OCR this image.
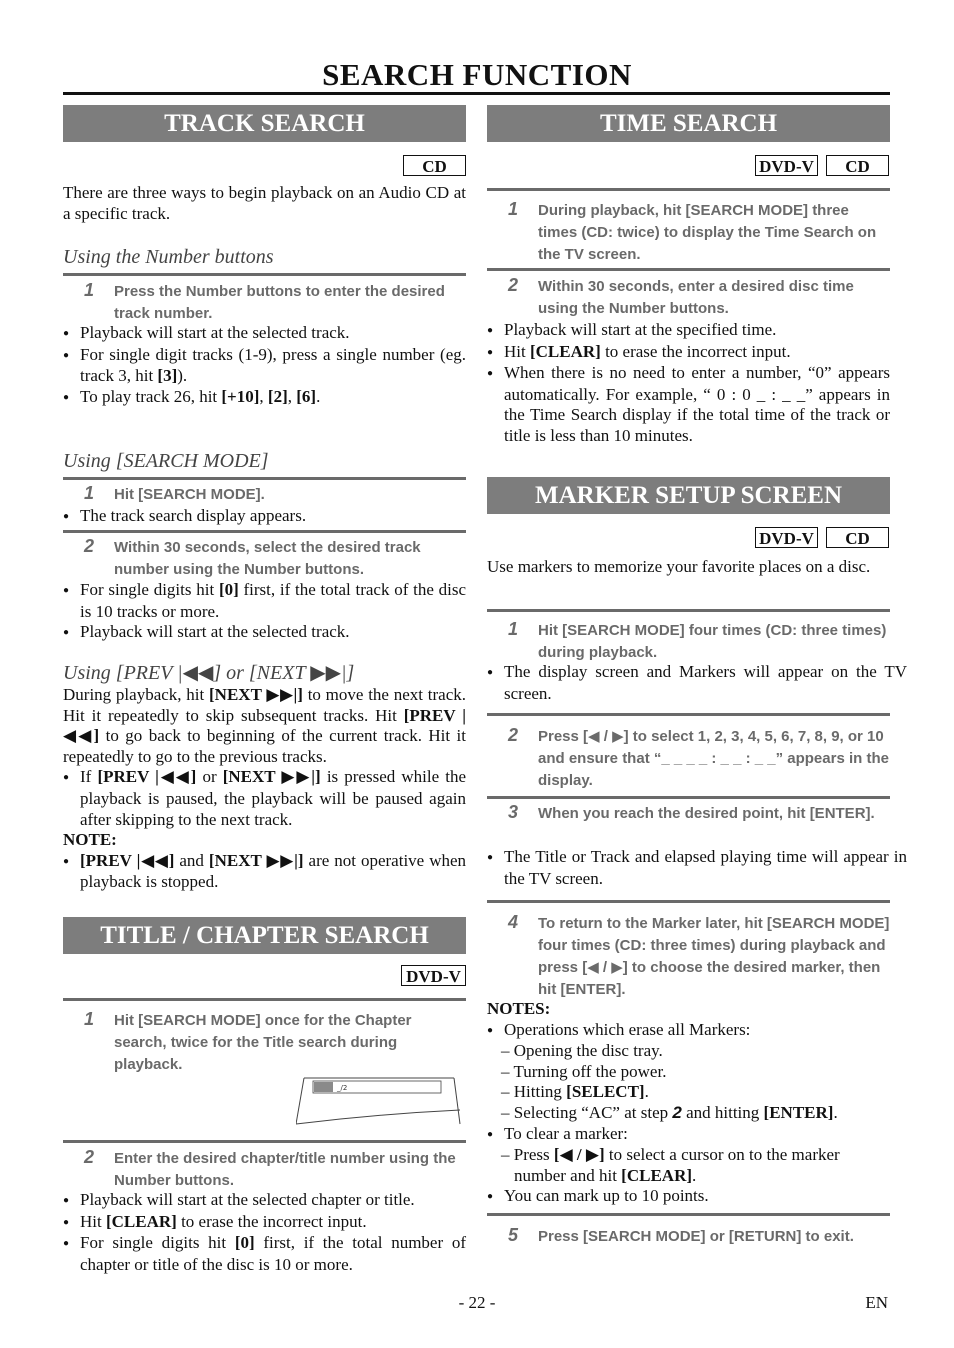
SEARCH FUNCTION
TRACK SEARCH
CD
There are three ways to begin playback on an Audio CD at a specific track.
Using the Number buttons
1 Press the Number buttons to enter the desired track number.
● Playback will start at the selected track.
● For single digit tracks (1-9), press a single number (eg. track 3, hit [3]).
● To play track 26, hit [+10], [2], [6].
Using [SEARCH MODE]
1 Hit [SEARCH MODE].
● The track search display appears.
2 Within 30 seconds, select the desired track number using the Number buttons.
● For single digits hit [0] first, if the total track of the disc is 10 tracks or more.
● Playback will start at the selected track.
Using [PREV |◀◀] or [NEXT ▶▶|]
During playback, hit [NEXT ▶▶|] to move the next track. Hit it repeatedly to skip subsequent tracks. Hit [PREV |◀◀] to go back to beginning of the current track. Hit it repeatedly to go to the previous tracks.
● If [PREV |◀◀] or [NEXT ▶▶|] is pressed while the playback is paused, the playback will be paused again after skipping to the next track.
NOTE:
● [PREV |◀◀] and [NEXT ▶▶|] are not operative when playback is stopped.
TITLE / CHAPTER SEARCH
DVD-V
1 Hit [SEARCH MODE] once for the Chapter search, twice for the Title search during playback.
_/2
2 Enter the desired chapter/title number using the Number buttons.
● Playback will start at the selected chapter or title.
● Hit [CLEAR] to erase the incorrect input.
● For single digits hit [0] first, if the total number of chapter or title of the disc is 10 or more.
TIME SEARCH
DVD-V	CD
1 During playback, hit [SEARCH MODE] three times (CD: twice) to display the Time Search on the TV screen.
2 Within 30 seconds, enter a desired disc time using the Number buttons.
● Playback will start at the specified time.
● Hit [CLEAR] to erase the incorrect input.
● When there is no need to enter a number, “0” appears automatically. For example, “ 0 : 0 _ : _ _” appears in the Time Search display if the total time of the track or title is less than 10 minutes.
MARKER SETUP SCREEN
DVD-V	CD
Use markers to memorize your favorite places on a disc.
1 Hit [SEARCH MODE] four times (CD: three times) during playback.
● The display screen and Markers will appear on the TV screen.
2 Press [◀ / ▶] to select 1, 2, 3, 4, 5, 6, 7, 8, 9, or 10 and ensure that “_ _ _ _ : _ _ : _ _” appears in the display.
3 When you reach the desired point, hit [ENTER].
● The Title or Track and elapsed playing time will appear in the TV screen.
4 To return to the Marker later, hit [SEARCH MODE] four times (CD: three times) during playback and press [◀ / ▶] to choose the desired marker, then hit [ENTER].
NOTES:
● Operations which erase all Markers:
– Opening the disc tray.
– Turning off the power.
– Hitting [SELECT].
– Selecting “AC” at step 2 and hitting [ENTER].
● To clear a marker:
– Press [◀ / ▶] to select a cursor on to the marker number and hit [CLEAR].
● You can mark up to 10 points.
5 Press [SEARCH MODE] or [RETURN] to exit.
- 22 -	EN
